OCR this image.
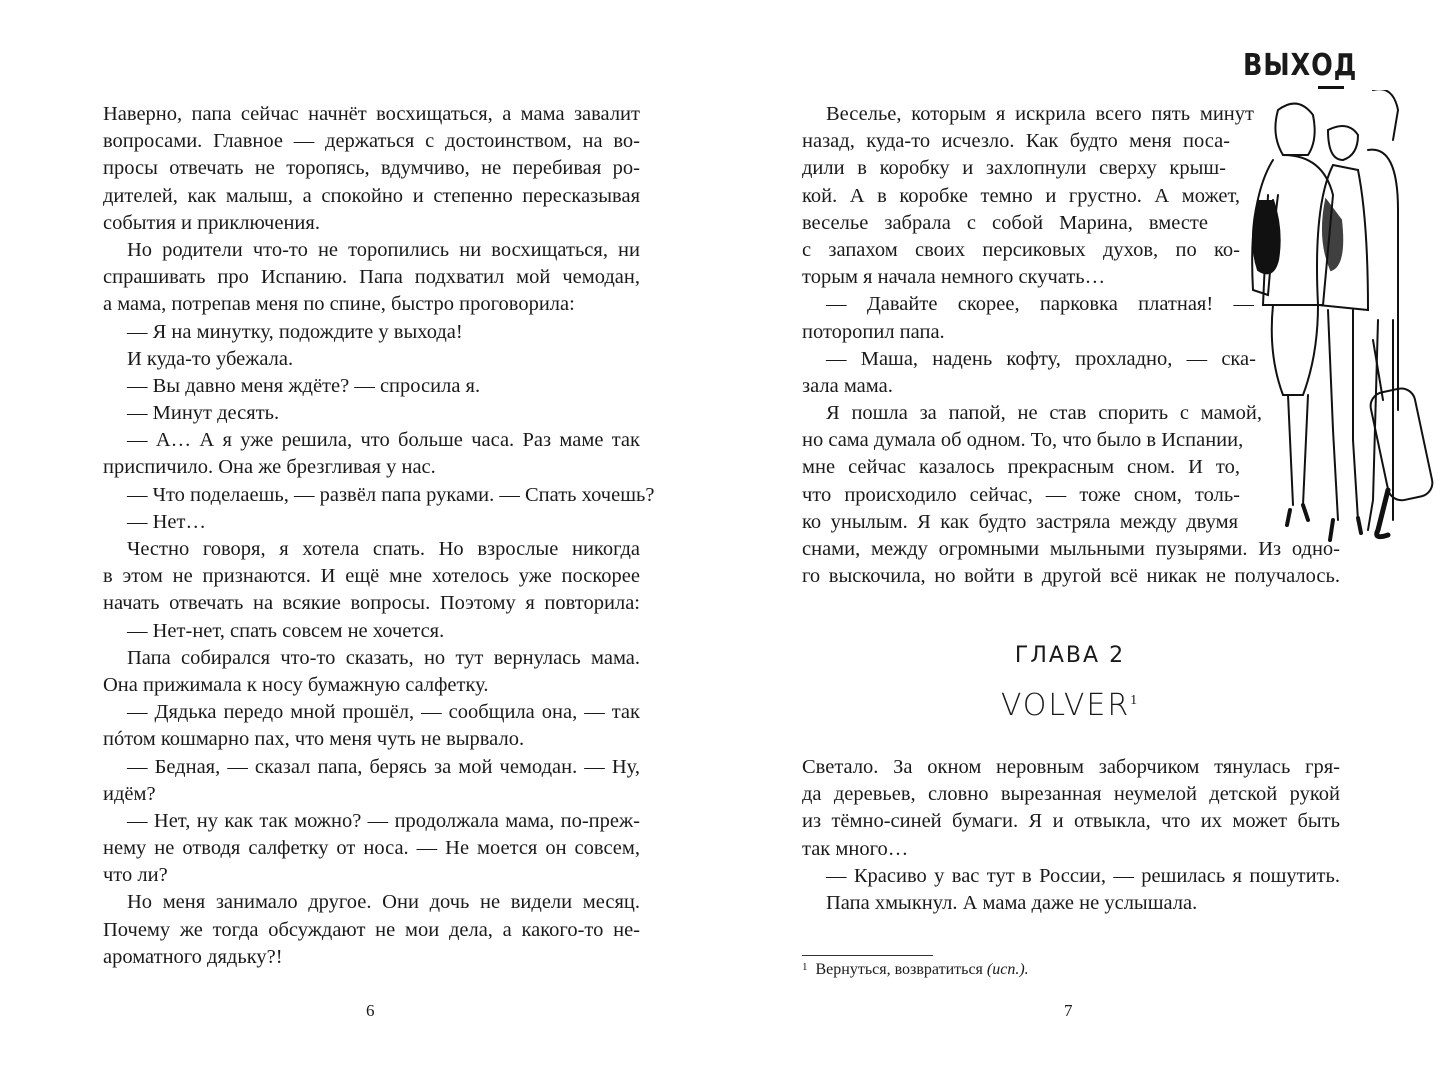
Наверно, папа сейчас начнёт восхищаться, а мама завалит
вопросами. Главное — держаться с достоинством, на во-
просы отвечать не торопясь, вдумчиво, не перебивая ро-
дителей, как малыш, а спокойно и степенно пересказывая
события и приключения.
Но родители что-то не торопились ни восхищаться, ни
спрашивать про Испанию. Папа подхватил мой чемодан,
а мама, потрепав меня по спине, быстро проговорила:
— Я на минутку, подождите у выхода!
И куда-то убежала.
— Вы давно меня ждёте? — спросила я.
— Минут десять.
— А… А я уже решила, что больше часа. Раз маме так
приспичило. Она же брезгливая у нас.
— Что поделаешь, — развёл папа руками. — Спать хочешь?
— Нет…
Честно говоря, я хотела спать. Но взрослые никогда
в этом не признаются. И ещё мне хотелось уже поскорее
начать отвечать на всякие вопросы. Поэтому я повторила:
— Нет-нет, спать совсем не хочется.
Папа собирался что-то сказать, но тут вернулась мама.
Она прижимала к носу бумажную салфетку.
— Дядька передо мной прошёл, — сообщила она, — так
пóтом кошмарно пах, что меня чуть не вырвало.
— Бедная, — сказал папа, берясь за мой чемодан. — Ну,
идём?
— Нет, ну как так можно? — продолжала мама, по-преж-
нему не отводя салфетку от носа. — Не моется он совсем,
что ли?
Но меня занимало другое. Они дочь не видели месяц.
Почему же тогда обсуждают не мои дела, а какого-то не-
ароматного дядьку?!
Веселье, которым я искрила всего пять минут
назад, куда-то исчезло. Как будто меня поса-
дили в коробку и захлопнули сверху крыш-
кой. А в коробке темно и грустно. А может,
веселье забрала с собой Марина, вместе
с запахом своих персиковых духов, по ко-
торым я начала немного скучать…
— Давайте скорее, парковка платная! —
поторопил папа.
— Маша, надень кофту, прохладно, — ска-
зала мама.
Я пошла за папой, не став спорить с мамой,
но сама думала об одном. То, что было в Испании,
мне сейчас казалось прекрасным сном. И то,
что происходило сейчас, — тоже сном, толь-
ко унылым. Я как будто застряла между двумя
снами, между огромными мыльными пузырями. Из одно-
го выскочила, но войти в другой всё никак не получалось.
ВЫХОД
ГЛАВА 2
VOLVER$^1$
Светало. За окном неровным заборчиком тянулась гря-
да деревьев, словно вырезанная неумелой детской рукой
из тёмно-синей бумаги. Я и отвыкла, что их может быть
так много…
— Красиво у вас тут в России, — решилась я пошутить.
Папа хмыкнул. А мама даже не услышала.
$^1$ Вернуться, возвратиться (исп.).
6	7
